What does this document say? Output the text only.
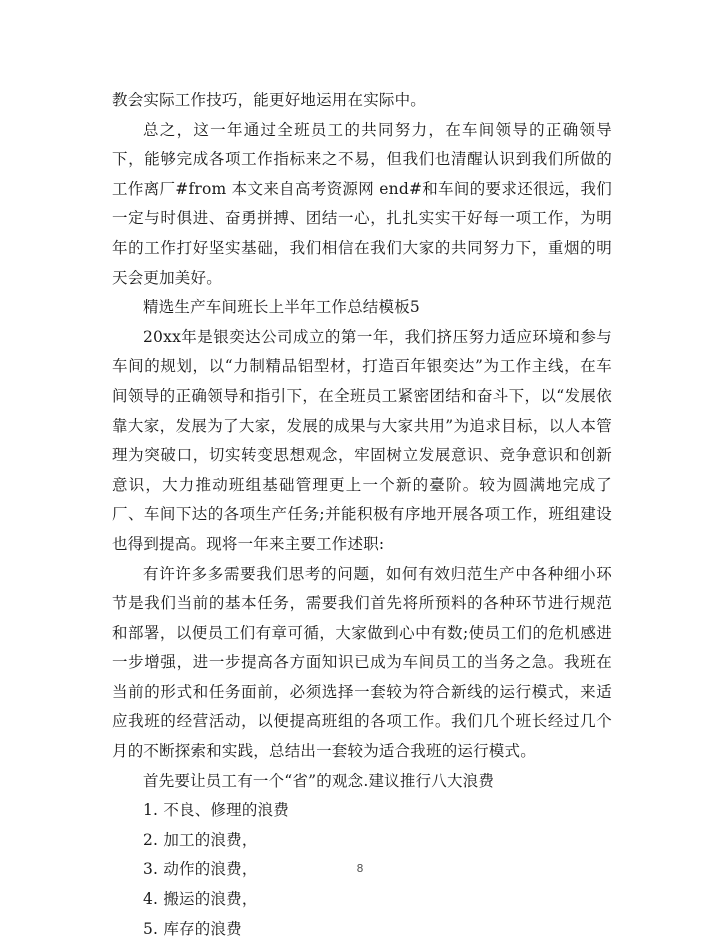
教会实际工作技巧，能更好地运用在实际中。

总之，这一年通过全班员工的共同努力，在车间领导的正确领导下，能够完成各项工作指标来之不易，但我们也清醒认识到我们所做的工作离厂#from 本文来自高考资源网 end#和车间的要求还很远，我们一定与时俱进、奋勇拼搏、团结一心，扎扎实实干好每一项工作，为明年的工作打好坚实基础，我们相信在我们大家的共同努力下，重烟的明天会更加美好。

精选生产车间班长上半年工作总结模板5

20xx年是银奕达公司成立的第一年，我们挤压努力适应环境和参与车间的规划，以“力制精品铝型材，打造百年银奕达”为工作主线，在车间领导的正确领导和指引下，在全班员工紧密团结和奋斗下，以“发展依靠大家，发展为了大家，发展的成果与大家共用”为追求目标，以人本管理为突破口，切实转变思想观念，牢固树立发展意识、竞争意识和创新意识，大力推动班组基础管理更上一个新的臺阶。较为圆满地完成了厂、车间下达的各项生产任务;并能积极有序地开展各项工作，班组建设也得到提高。现将一年来主要工作述职:

有许许多多需要我们思考的问题，如何有效归范生产中各种细小环节是我们当前的基本任务，需要我们首先将所预料的各种环节进行规范和部署，以便员工们有章可循，大家做到心中有数;使员工们的危机感进一步增强，进一步提高各方面知识已成为车间员工的当务之急。我班在当前的形式和任务面前，必须选择一套较为符合新线的运行模式，来适应我班的经营活动，以便提高班组的各项工作。我们几个班长经过几个月的不断探索和实践，总结出一套较为适合我班的运行模式。

首先要让员工有一个“省”的观念.建议推行八大浪费

1. 不良、修理的浪费
2. 加工的浪费，
3. 动作的浪费，
4. 搬运的浪费，
5. 库存的浪费
8
